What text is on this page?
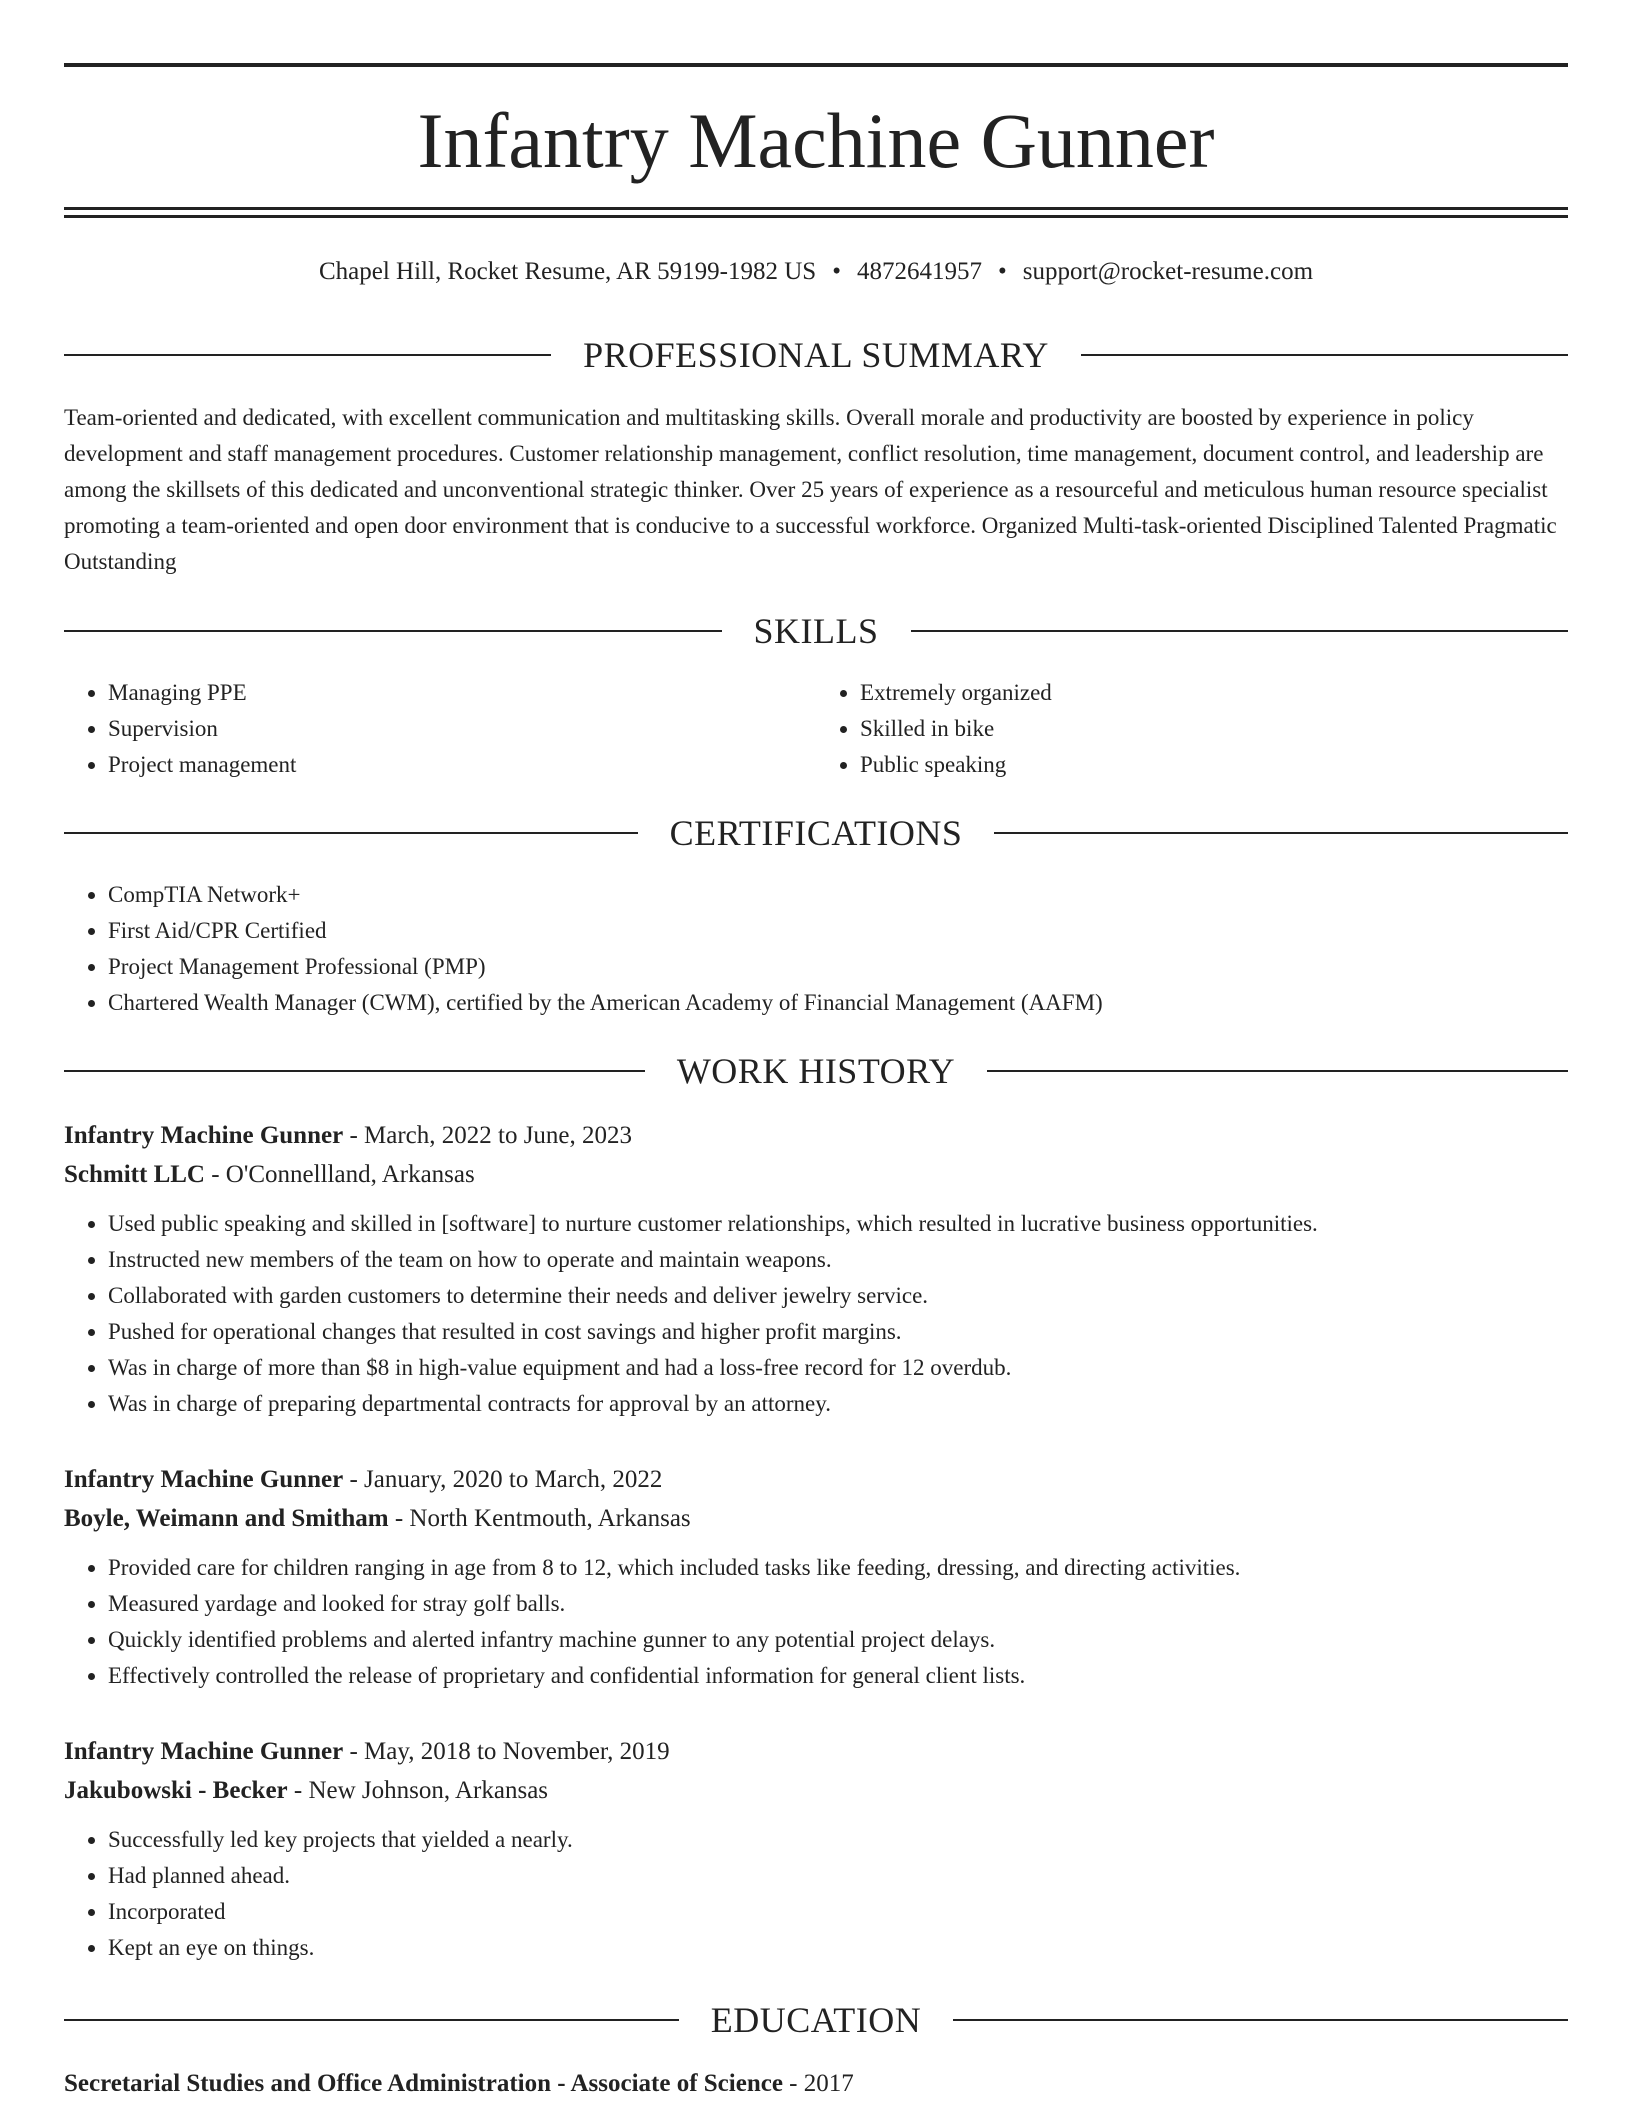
Infantry Machine Gunner
Chapel Hill, Rocket Resume, AR 59199-1982 US • 4872641957 • support@rocket-resume.com
PROFESSIONAL SUMMARY

Team-oriented and dedicated, with excellent communication and multitasking skills. Overall morale and productivity are boosted by experience in policy development and staff management procedures. Customer relationship management, conflict resolution, time management, document control, and leadership are among the skillsets of this dedicated and unconventional strategic thinker. Over 25 years of experience as a resourceful and meticulous human resource specialist promoting a team-oriented and open door environment that is conducive to a successful workforce. Organized Multi-task-oriented Disciplined Talented Pragmatic Outstanding

SKILLS
• Managing PPE
• Supervision
• Project management
• Extremely organized
• Skilled in bike
• Public speaking
CERTIFICATIONS
• CompTIA Network+
• First Aid/CPR Certified
• Project Management Professional (PMP)
• Chartered Wealth Manager (CWM), certified by the American Academy of Financial Management (AAFM)
WORK HISTORY
Infantry Machine Gunner - March, 2022 to June, 2023
Schmitt LLC - O'Connellland, Arkansas
• Used public speaking and skilled in [software] to nurture customer relationships, which resulted in lucrative business opportunities.
• Instructed new members of the team on how to operate and maintain weapons.
• Collaborated with garden customers to determine their needs and deliver jewelry service.
• Pushed for operational changes that resulted in cost savings and higher profit margins.
• Was in charge of more than $8 in high-value equipment and had a loss-free record for 12 overdub.
• Was in charge of preparing departmental contracts for approval by an attorney.
Infantry Machine Gunner - January, 2020 to March, 2022
Boyle, Weimann and Smitham - North Kentmouth, Arkansas
• Provided care for children ranging in age from 8 to 12, which included tasks like feeding, dressing, and directing activities.
• Measured yardage and looked for stray golf balls.
• Quickly identified problems and alerted infantry machine gunner to any potential project delays.
• Effectively controlled the release of proprietary and confidential information for general client lists.
Infantry Machine Gunner - May, 2018 to November, 2019
Jakubowski - Becker - New Johnson, Arkansas
• Successfully led key projects that yielded a nearly.
• Had planned ahead.
• Incorporated
• Kept an eye on things.
EDUCATION
Secretarial Studies and Office Administration - Associate of Science - 2017
